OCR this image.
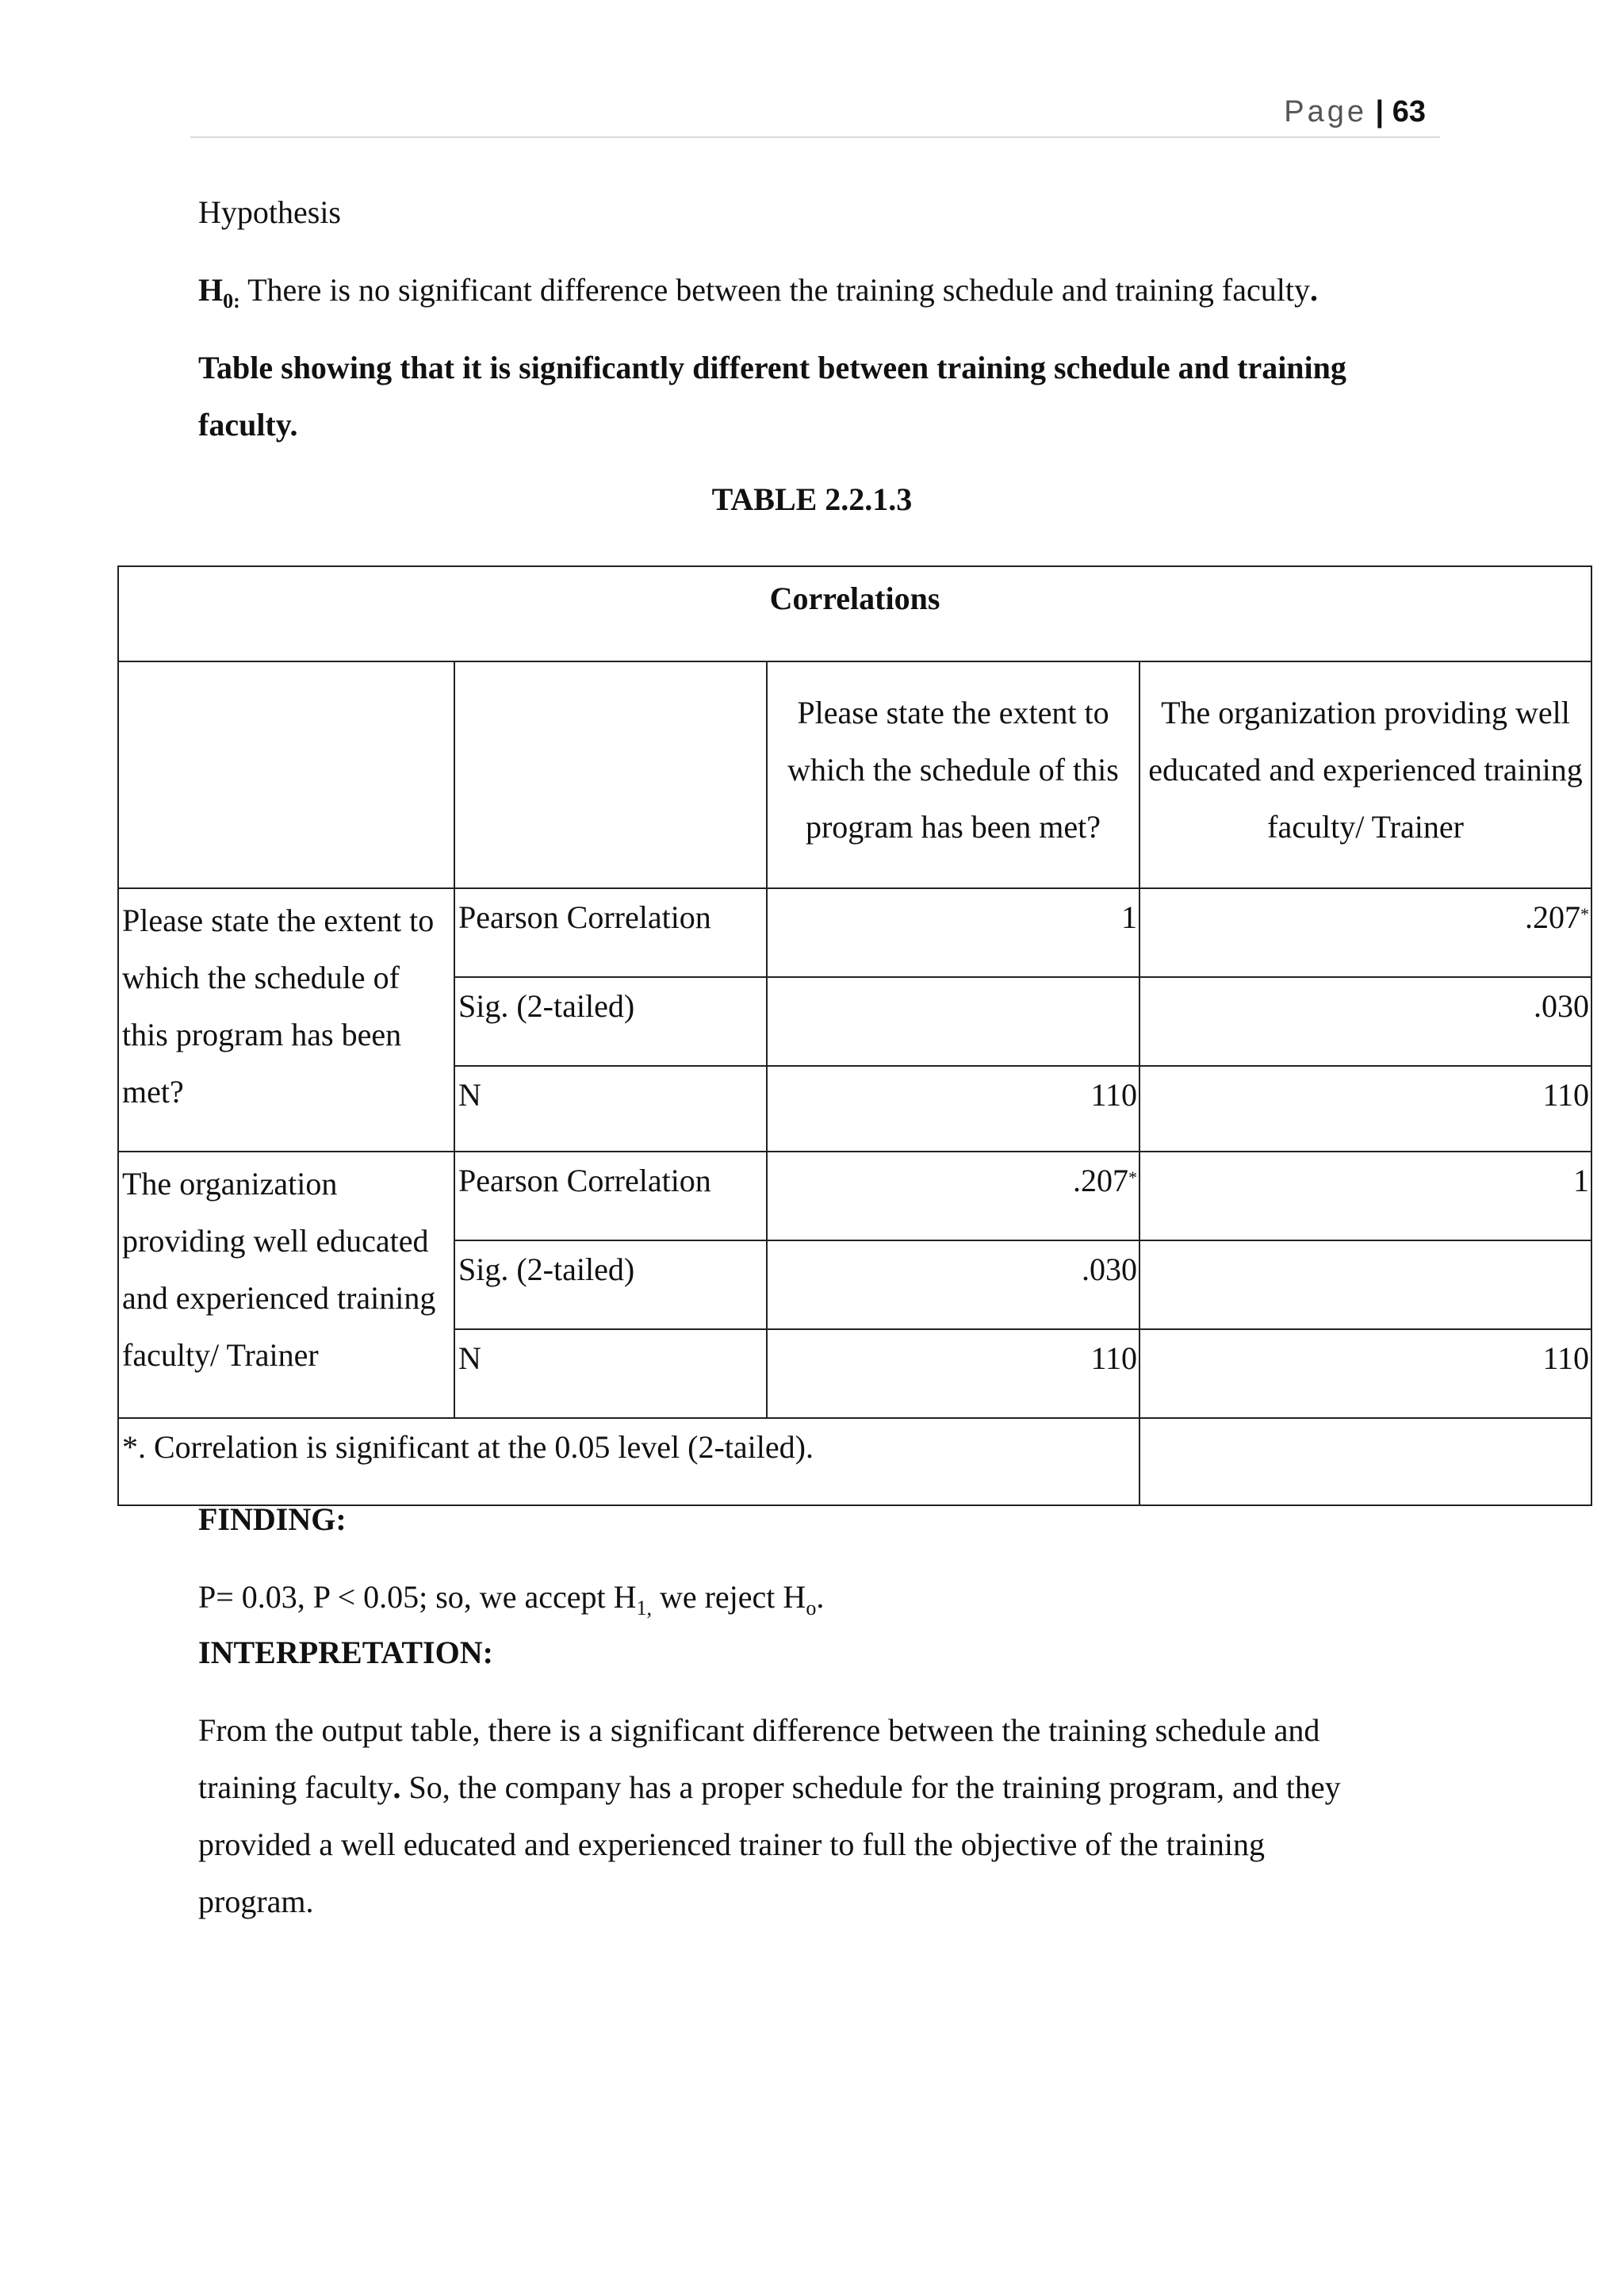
Page | 63
Hypothesis
$H_{0:}$ There is no significant difference between the training schedule and training faculty.
Table showing that it is significantly different between training schedule and training
faculty.
TABLE 2.2.1.3
Correlations			
		Please state the extent to which the schedule of this program has been met?	The organization providing well educated and experienced training faculty/ Trainer
Please state the extent to which the schedule of this program has been met?	Pearson Correlation	1	.207*
	Sig. (2-tailed)		.030
	N	110	110
The organization providing well educated and experienced training faculty/ Trainer	Pearson Correlation	.207*	1
	Sig. (2-tailed)	.030	
	N	110	110
*. Correlation is significant at the 0.05 level (2-tailed).			
FINDING:
P= 0.03, P < 0.05; so, we accept $H_{1,}$ we reject $H_o$.
INTERPRETATION:
From the output table, there is a significant difference between the training schedule and
training faculty. So, the company has a proper schedule for the training program, and they
provided a well educated and experienced trainer to full the objective of the training
program.
